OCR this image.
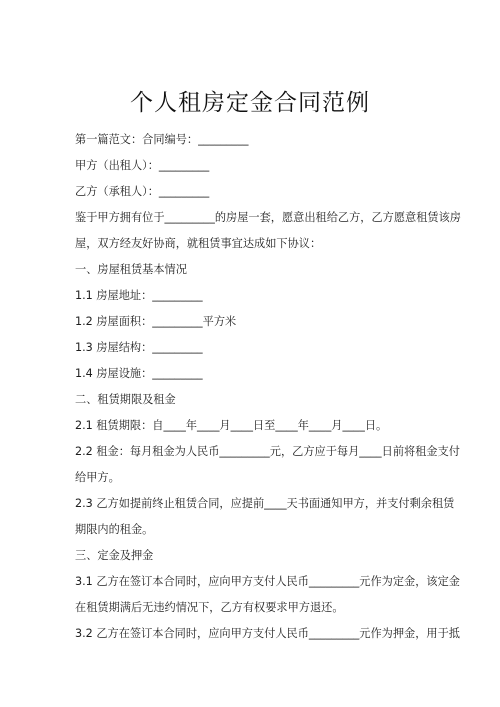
个人租房定金合同范例
第一篇范文：合同编号：_________
甲方（出租人）：_________
乙方（承租人）：_________
鉴于甲方拥有位于_________的房屋一套，愿意出租给乙方，乙方愿意租赁该房
屋，双方经友好协商，就租赁事宜达成如下协议：
一、房屋租赁基本情况
1.1 房屋地址：_________
1.2 房屋面积：_________平方米
1.3 房屋结构：_________
1.4 房屋设施：_________
二、租赁期限及租金
2.1 租赁期限：自____年____月____日至____年____月____日。
2.2 租金：每月租金为人民币_________元，乙方应于每月____日前将租金支付
给甲方。
2.3 乙方如提前终止租赁合同，应提前____天书面通知甲方，并支付剩余租赁
期限内的租金。
三、定金及押金
3.1 乙方在签订本合同时，应向甲方支付人民币_________元作为定金，该定金
在租赁期满后无违约情况下，乙方有权要求甲方退还。
3.2 乙方在签订本合同时，应向甲方支付人民币_________元作为押金，用于抵
